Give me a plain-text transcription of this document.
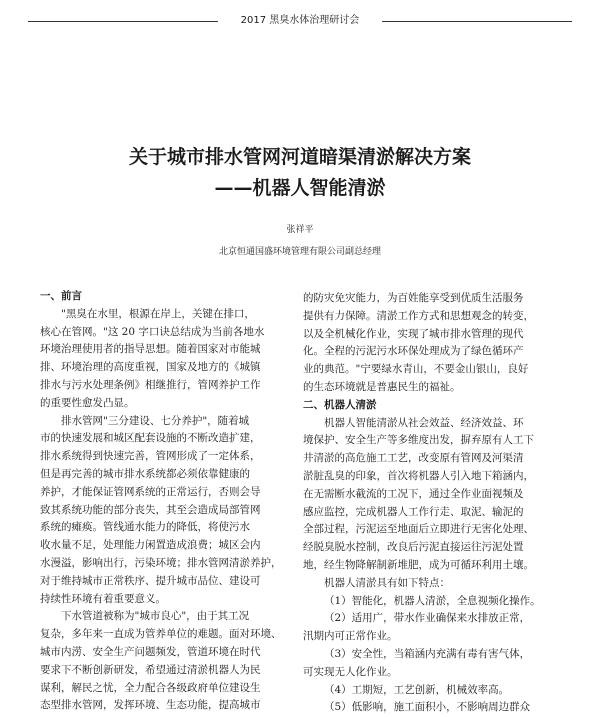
2017 黑臭水体治理研讨会
关于城市排水管网河道暗渠清淤解决方案
——机器人智能清淤
张祥平
北京恒通国盛环境管理有限公司副总经理
一、前言
"黑臭在水里，根源在岸上，关键在排口，
核心在管网。"这 20 字口诀总结成为当前各地水
环境治理使用者的指导思想。随着国家对市能城
排、环境治理的高度重视，国家及地方的《城镇
排水与污水处理条例》相继推行，管网养护工作
的重要性愈发凸显。
排水管网"三分建设、七分养护"，随着城
市的快速发展和城区配套设施的不断改造扩建，
排水系统得到快速完善，管网形成了一定体系，
但是再完善的城市排水系统都必须依靠健康的
养护，才能保证管网系统的正常运行，否则会导
致其系统功能的部分丧失，其至会造成局部管网
系统的瘫痪。管线通水能力的降低，将使污水
收水量不足，处理能力闲置造成浪费；城区会内
水漫溢，影响出行，污染环境；排水管网清淤养护，
对于维持城市正常秩序、提升城市品位、建设可
持续性环境有着重要意义。
下水管道被称为"城市良心"，由于其工况
复杂，多年来一直成为管养单位的难题。面对环境、
城市内涝、安全生产问题频发，管道环境在时代
要求下不断创新研发，希望通过清淤机器人为民
谋利，解民之忧，全力配合各级政府单位建设生
态型排水管网，发挥环境、生态功能，提高城市
的防灾免灾能力，为百姓能享受到优质生活服务
提供有力保障。清淤工作方式和思想观念的转变，
以及全机械化作业，实现了城市排水管理的现代
化。全程的污泥污水环保处理成为了绿色循环产
业的典范。"宁要绿水青山，不要金山银山，良好
的生态环境就是普惠民生的福祉。
二、机器人清淤
机器人智能清淤从社会效益、经济效益、环
境保护、安全生产等多维度出发，摒弃原有人工下
井清淤的高危施工工艺，改变原有管网及河渠清
淤脏乱臭的印象，首次将机器人引入地下箱涵内，
在无需断水截流的工况下，通过全作业面视频及
感应监控，完成机器人工作行走、取泥、输泥的
全部过程，污泥运至地面后立即进行无害化处理、
经脱臭脱水控制，改良后污泥直接运往污泥处置
地，经生物降解制新堆肥，成为可循环利用土壤。
机器人清淤具有如下特点：
（1）智能化，机器人清淤，全息视频化操作。
（2）适用广，带水作业确保来水排放正常，
汛期内可正常作业。
（3）安全性，当箱涵内充满有毒有害气体，
可实现无人化作业。
（4）工期短，工艺创新，机械效率高。
（5）低影响，施工面积小，不影响周边群众
